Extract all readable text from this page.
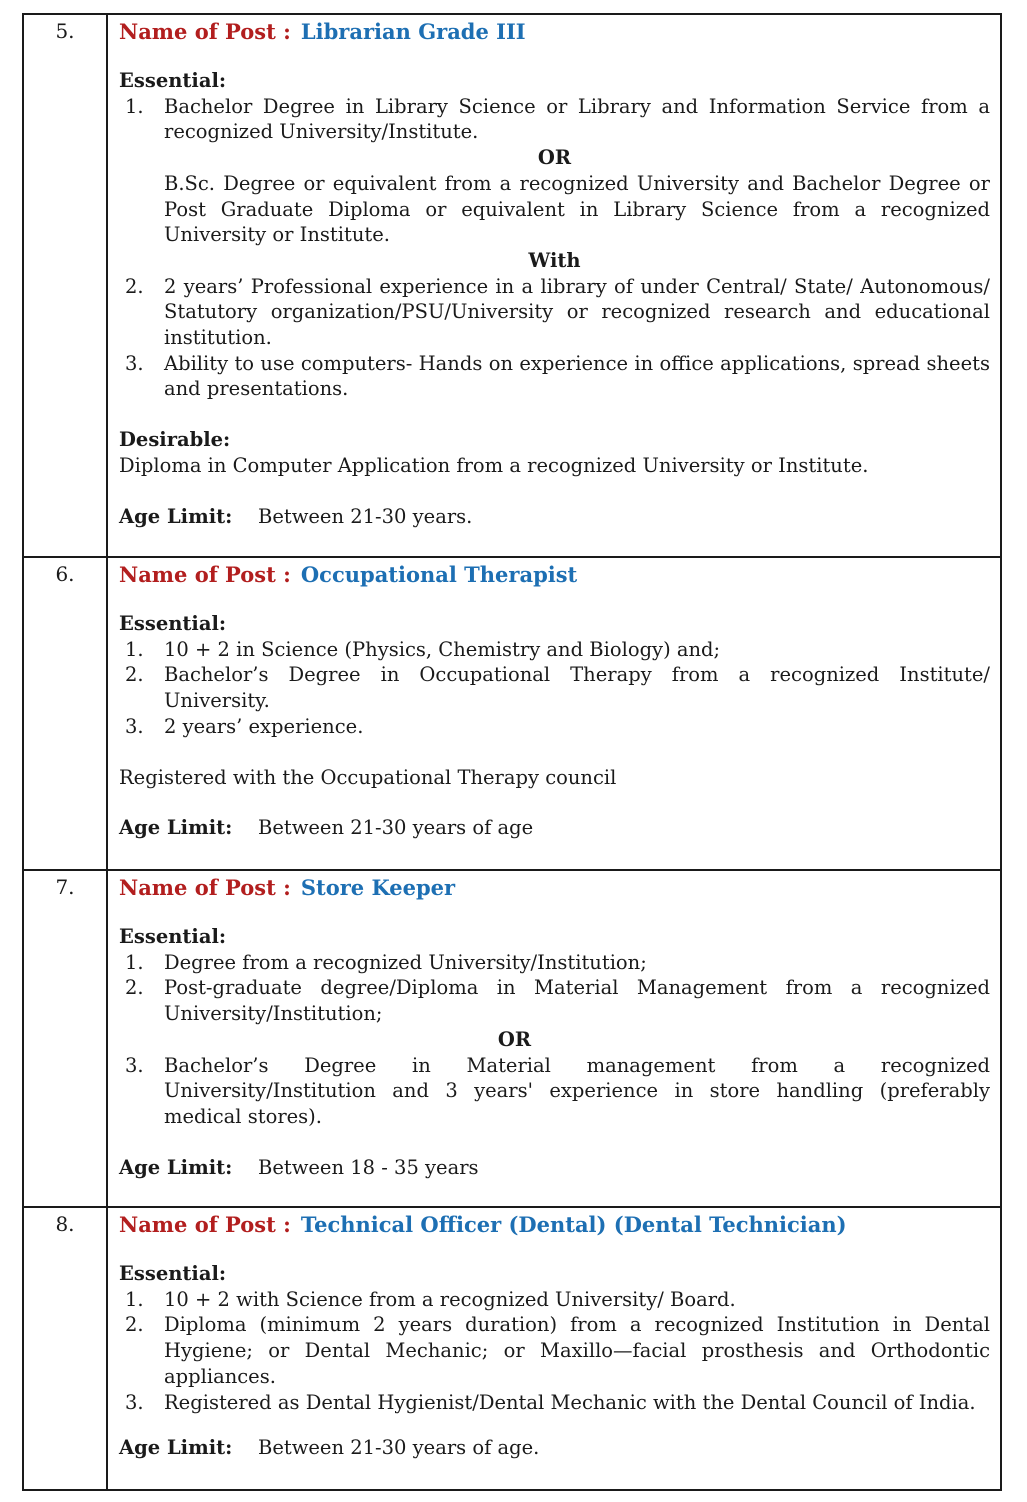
5.	Name of Post : Librarian Grade III
Essential:
1. Bachelor Degree in Library Science or Library and Information Service from a recognized University/Institute.
OR
B.Sc. Degree or equivalent from a recognized University and Bachelor Degree or Post Graduate Diploma or equivalent in Library Science from a recognized University or Institute.
With
2. 2 years’ Professional experience in a library of under Central/ State/ Autonomous/ Statutory organization/PSU/University or recognized research and educational institution.
3. Ability to use computers- Hands on experience in office applications, spread sheets and presentations.
Desirable:
Diploma in Computer Application from a recognized University or Institute.
Age Limit: Between 21-30 years.
6.	Name of Post : Occupational Therapist
Essential:
1. 10 + 2 in Science (Physics, Chemistry and Biology) and;
2. Bachelor’s Degree in Occupational Therapy from a recognized Institute/ University.
3. 2 years’ experience.
Registered with the Occupational Therapy council
Age Limit: Between 21-30 years of age
7.	Name of Post : Store Keeper
Essential:
1. Degree from a recognized University/Institution;
2. Post-graduate degree/Diploma in Material Management from a recognized University/Institution;
OR
3. Bachelor’s Degree in Material management from a recognized University/Institution and 3 years' experience in store handling (preferably medical stores).
Age Limit: Between 18 - 35 years
8.	Name of Post : Technical Officer (Dental) (Dental Technician)
Essential:
1. 10 + 2 with Science from a recognized University/ Board.
2. Diploma (minimum 2 years duration) from a recognized Institution in Dental Hygiene; or Dental Mechanic; or Maxillo—facial prosthesis and Orthodontic appliances.
3. Registered as Dental Hygienist/Dental Mechanic with the Dental Council of India.
Age Limit: Between 21-30 years of age.
